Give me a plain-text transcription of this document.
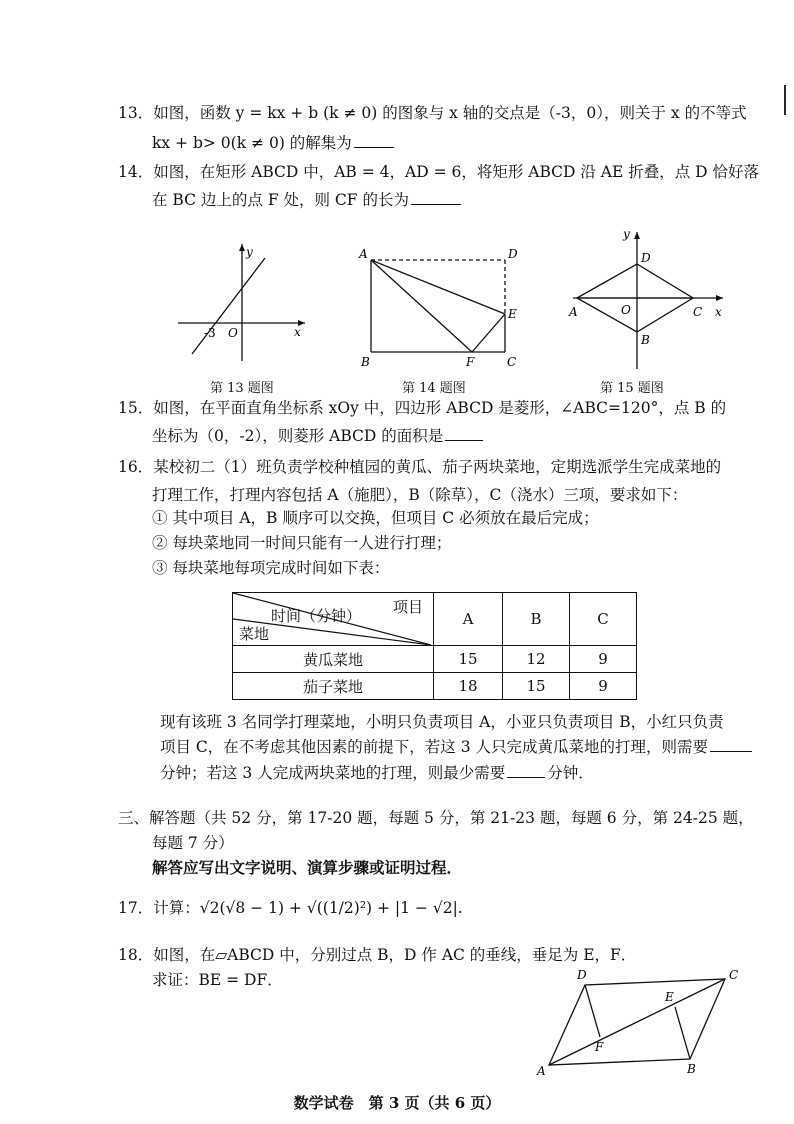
13．如图，函数 y = kx + b (k ≠ 0) 的图象与 x 轴的交点是（-3，0），则关于 x 的不等式
kx + b> 0(k ≠ 0) 的解集为
14．如图，在矩形 ABCD 中，AB = 4，AD = 6，将矩形 ABCD 沿 AE 折叠，点 D 恰好落
在 BC 边上的点 F 处，则 CF 的长为
y
x
-3 O
第 13 题图
A	D
E
B	F	C
第 14 题图
y
x
D
A	O	C
B
第 15 题图
15．如图，在平面直角坐标系 xOy 中，四边形 ABCD 是菱形，∠ABC=120°，点 B 的
坐标为（0，-2），则菱形 ABCD 的面积是
16．某校初二（1）班负责学校种植园的黄瓜、茄子两块菜地，定期选派学生完成菜地的
打理工作，打理内容包括 A（施肥），B（除草），C（浇水）三项，要求如下：
① 其中项目 A，B 顺序可以交换，但项目 C 必须放在最后完成；
② 每块菜地同一时间只能有一人进行打理；
③ 每块菜地每项完成时间如下表：
项目
时间（分钟）
菜地	A	B	C
黄瓜菜地	15	12	9
茄子菜地	18	15	9
现有该班 3 名同学打理菜地，小明只负责项目 A，小亚只负责项目 B，小红只负责
项目 C，在不考虑其他因素的前提下，若这 3 人只完成黄瓜菜地的打理，则需要
分钟；若这 3 人完成两块菜地的打理，则最少需要	分钟．
三、解答题（共 52 分，第 17-20 题，每题 5 分，第 21-23 题，每题 6 分，第 24-25 题，
每题 7 分）
解答应写出文字说明、演算步骤或证明过程．
17．计算：√2(√8 − 1) + √((1/2)²) + |1 − √2|.
18．如图，在▱ABCD 中，分别过点 B，D 作 AC 的垂线，垂足为 E，F．
求证：BE = DF．	D	C
E
F
A	B
数学试卷　第 3 页（共 6 页）
